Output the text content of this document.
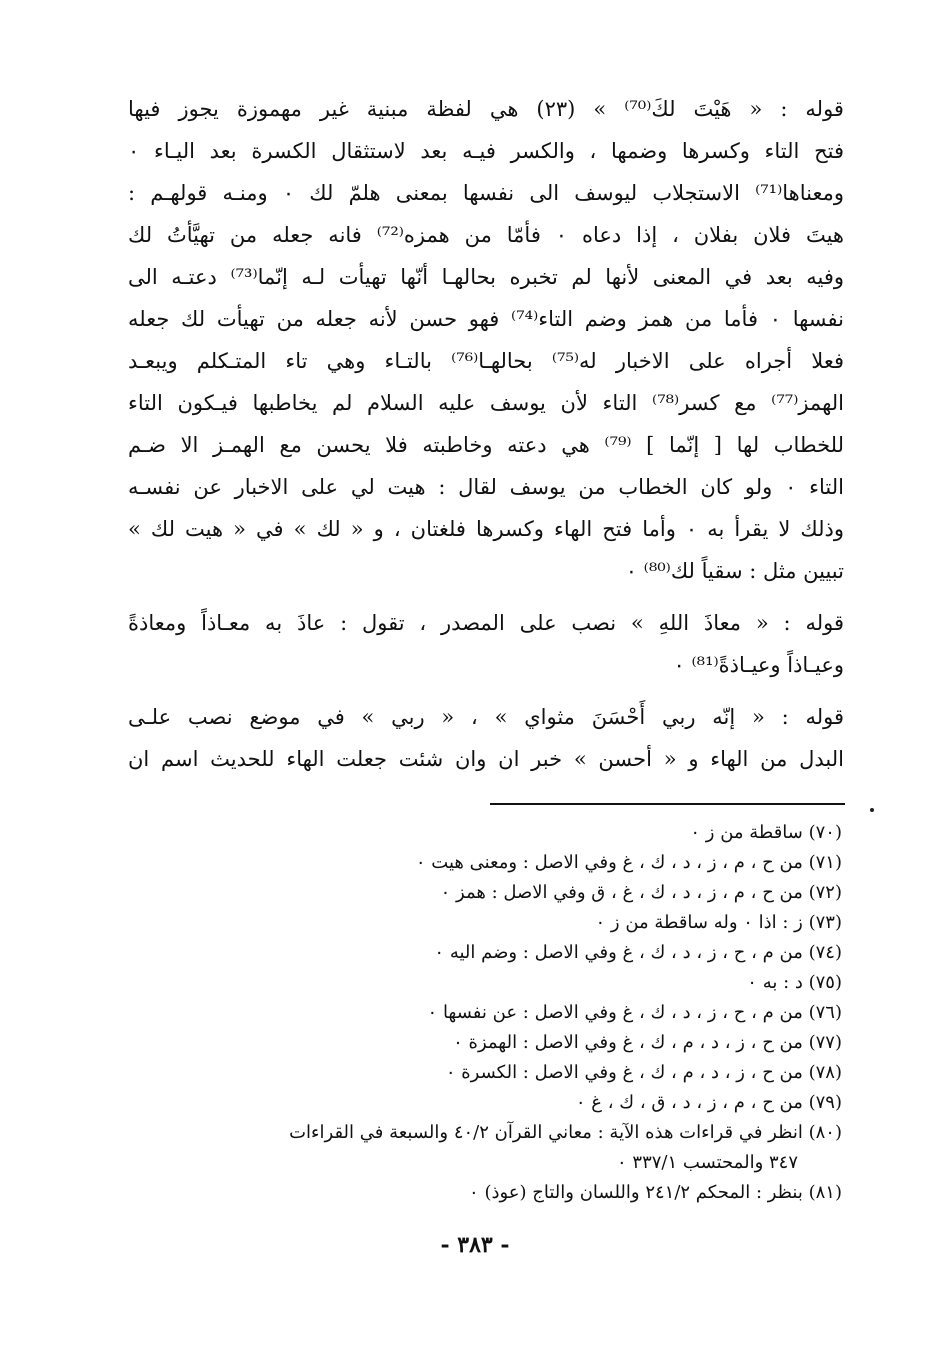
قوله : « هَيْتَ لكَ⁽⁷⁰⁾ » (٢٣) هي لفظة مبنية غير مهموزة يجوز فيها
فتح التاء وكسرها وضمها ، والكسر فيـه بعد لاستثقال الكسرة بعد اليـاء ٠
ومعناها⁽⁷¹⁾ الاستجلاب ليوسف الى نفسها بمعنى هلمّ لك ٠ ومنـه قولهـم :
هيتَ فلان بفلان ، إذا دعاه ٠ فأمّا من همزه⁽⁷²⁾ فانه جعله من تهيَّأتُ لك
وفيه بعد في المعنى لأنها لم تخبره بحالهـا أنّها تهيأت لـه إنّما⁽⁷³⁾ دعتـه الى
نفسها ٠ فأما من همز وضم التاء⁽⁷⁴⁾ فهو حسن لأنه جعله من تهيأت لك جعله
فعلا أجراه على الاخبار له⁽⁷⁵⁾ بحالهـا⁽⁷⁶⁾ بالتـاء وهي تاء المتـكلم ويبعـد
الهمز⁽⁷⁷⁾ مع كسر⁽⁷⁸⁾ التاء لأن يوسف عليه السلام لم يخاطبها فيـكون التاء
للخطاب لها [ إنّما ] ⁽⁷⁹⁾ هي دعته وخاطبته فلا يحسن مع الهمـز الا ضـم
التاء ٠ ولو كان الخطاب من يوسف لقال : هيت لي على الاخبار عن نفسـه
وذلك لا يقرأ به ٠ وأما فتح الهاء وكسرها فلغتان ، و « لك » في « هيت لك »
تبيين مثل : سقياً لك⁽⁸⁰⁾ ٠
قوله : « معاذَ اللهِ » نصب على المصدر ، تقول : عاذَ به معـاذاً ومعاذةً
وعيـاذاً وعيـاذةً⁽⁸¹⁾ ٠
قوله : « إنّه ربي أَحْسَنَ مثواي » ، « ربي » في موضع نصب علـى
البدل من الهاء و « أحسن » خبر ان وان شئت جعلت الهاء للحديث اسم ان
(٧٠) ساقطة من ز ٠
(٧١) من ح ، م ، ز ، د ، ك ، غ وفي الاصل : ومعنى هيت ٠
(٧٢) من ح ، م ، ز ، د ، ك ، غ ، ق وفي الاصل : همز ٠
(٧٣) ز : اذا ٠ وله ساقطة من ز ٠
(٧٤) من م ، ح ، ز ، د ، ك ، غ وفي الاصل : وضم اليه ٠
(٧٥) د : به ٠
(٧٦) من م ، ح ، ز ، د ، ك ، غ وفي الاصل : عن نفسها ٠
(٧٧) من ح ، ز ، د ، م ، ك ، غ وفي الاصل : الهمزة ٠
(٧٨) من ح ، ز ، د ، م ، ك ، غ وفي الاصل : الكسرة ٠
(٧٩) من ح ، م ، ز ، د ، ق ، ك ، غ ٠
(٨٠) انظر في قراءات هذه الآية : معاني القرآن ٤٠/٢ والسبعة في القراءات
٣٤٧ والمحتسب ٣٣٧/١ ٠
(٨١) بنظر : المحكم ٢٤١/٢ واللسان والتاج (عوذ) ٠
- ٣٨٣ -
